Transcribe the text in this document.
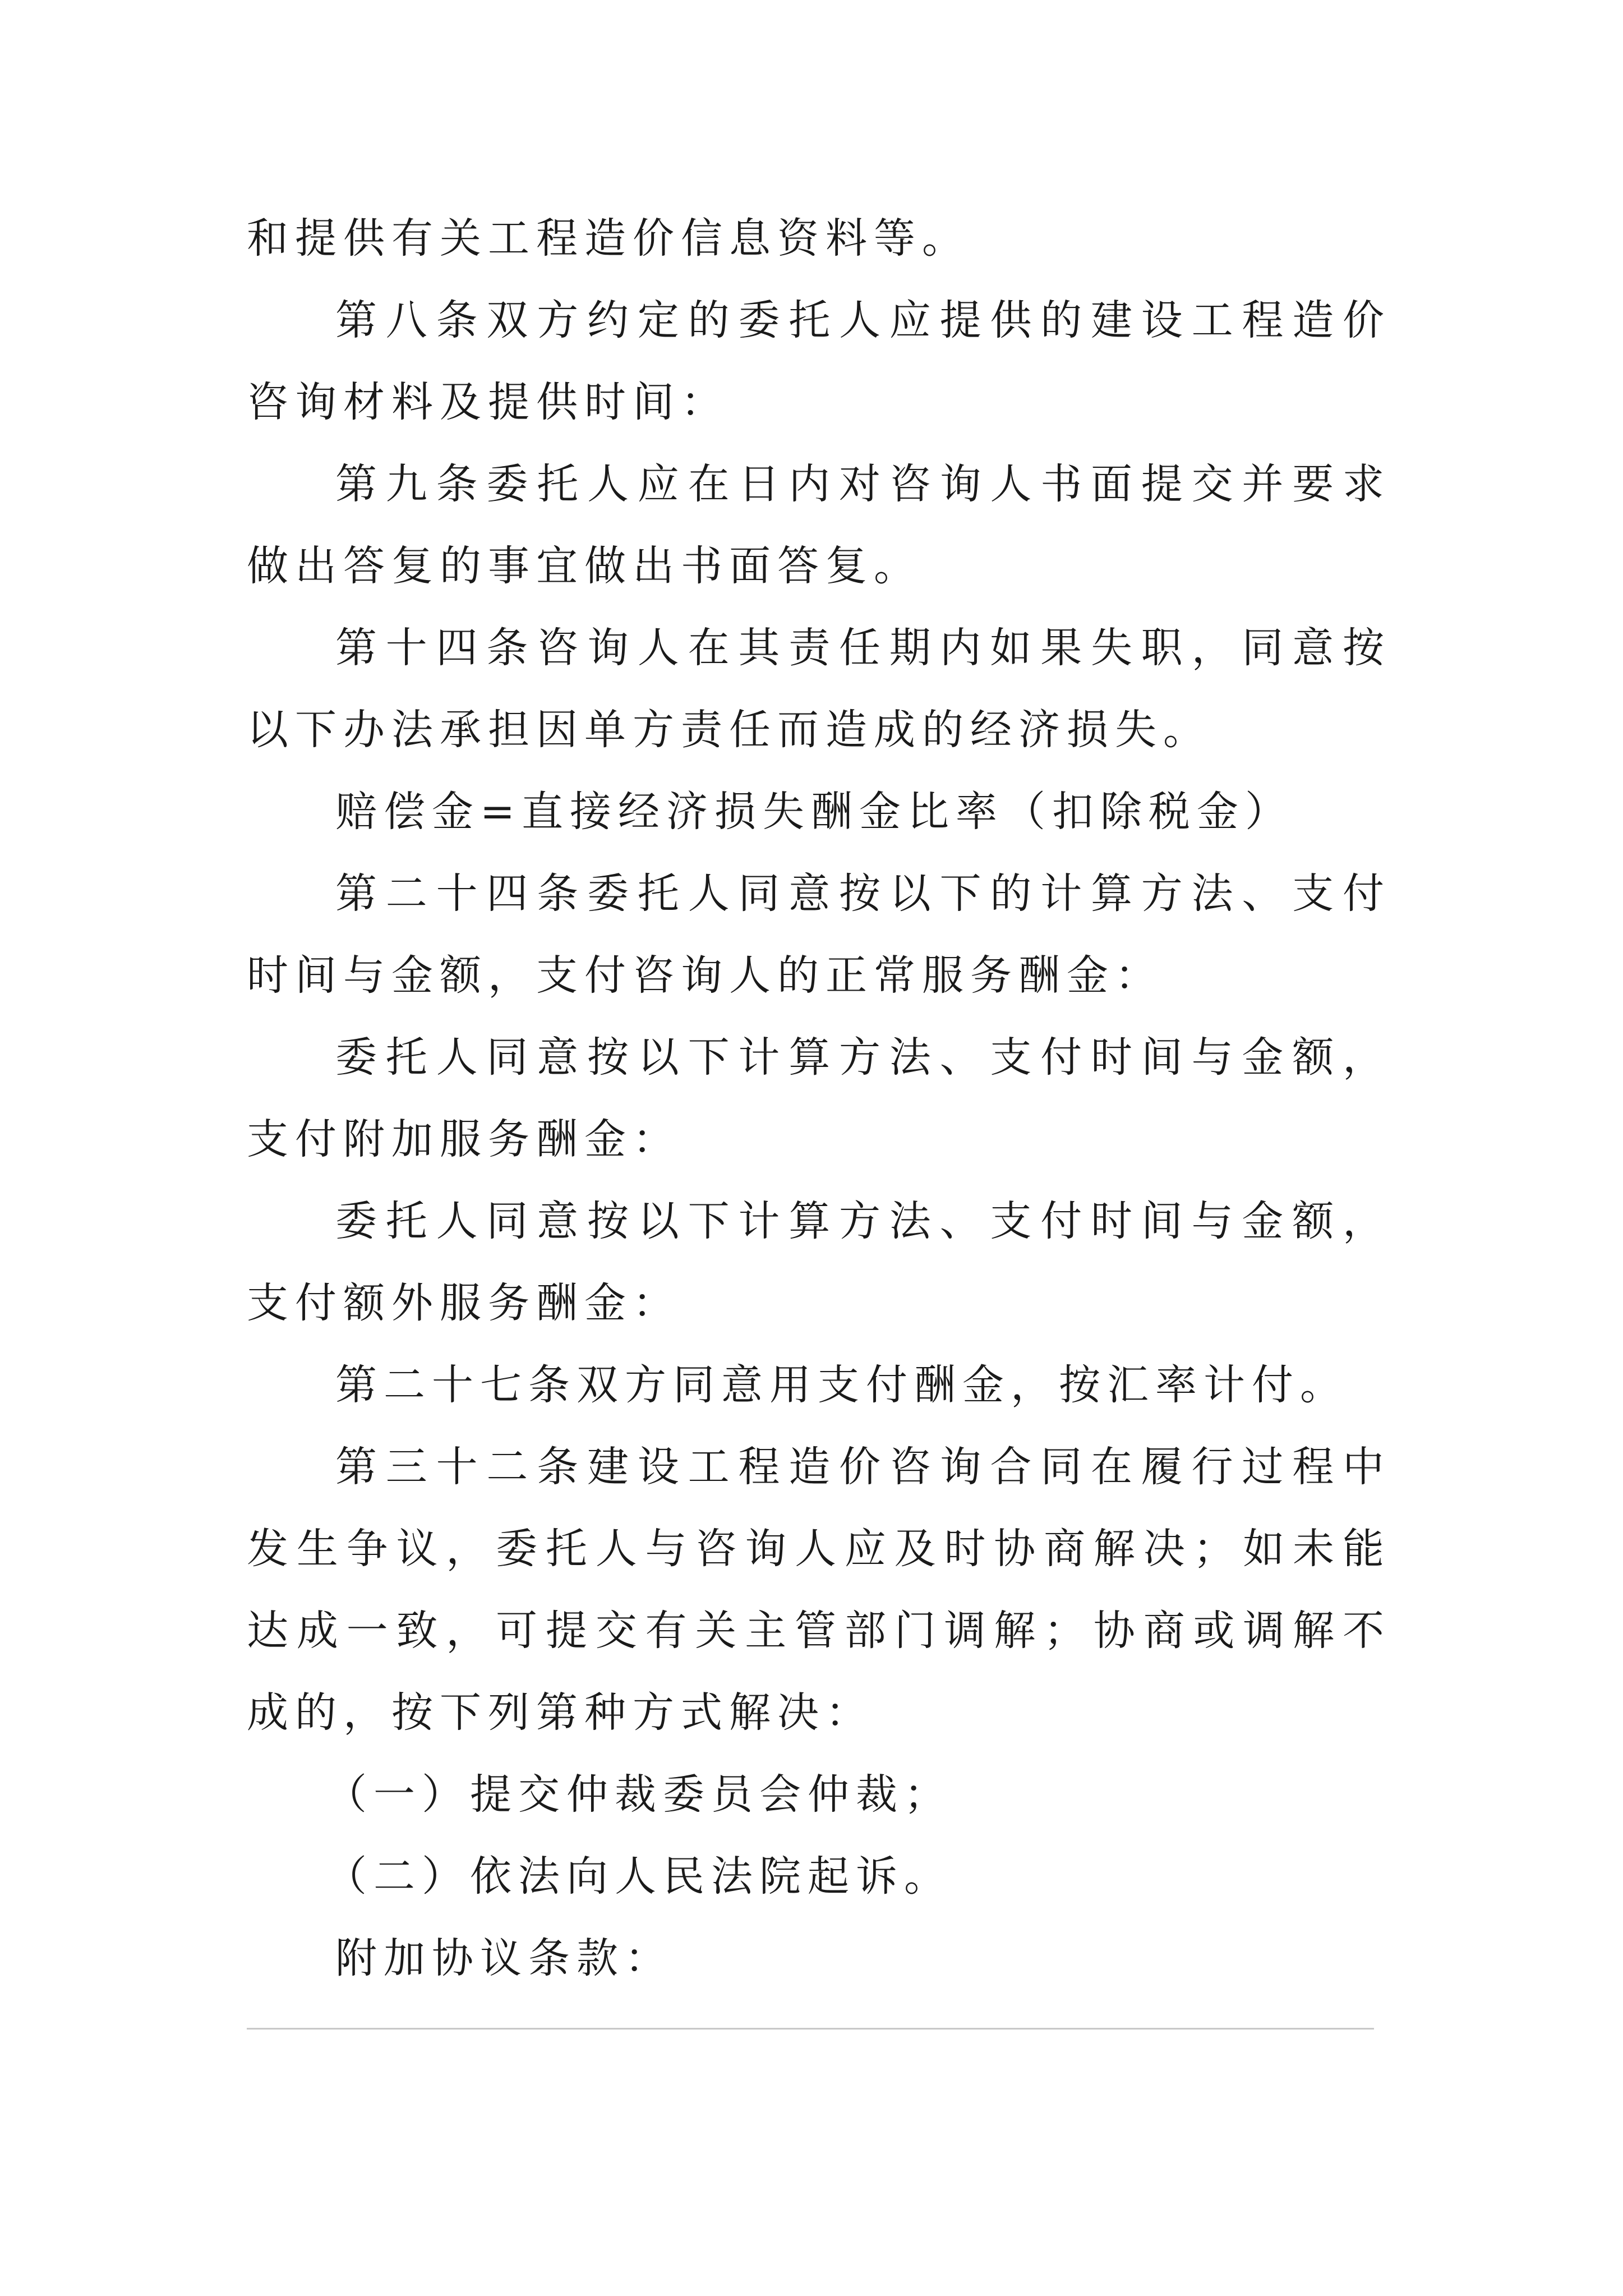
和提供有关工程造价信息资料等。

第八条双方约定的委托人应提供的建设工程造价咨询材料及提供时间：

第九条委托人应在日内对咨询人书面提交并要求做出答复的事宜做出书面答复。

第十四条咨询人在其责任期内如果失职，同意按以下办法承担因单方责任而造成的经济损失。

赔偿金=直接经济损失酬金比率（扣除税金）

第二十四条委托人同意按以下的计算方法、支付时间与金额，支付咨询人的正常服务酬金：

委托人同意按以下计算方法、支付时间与金额，支付附加服务酬金：

委托人同意按以下计算方法、支付时间与金额，支付额外服务酬金：

第二十七条双方同意用支付酬金，按汇率计付。

第三十二条建设工程造价咨询合同在履行过程中发生争议，委托人与咨询人应及时协商解决；如未能达成一致，可提交有关主管部门调解；协商或调解不成的，按下列第种方式解决：

（一）提交仲裁委员会仲裁；

（二）依法向人民法院起诉。

附加协议条款：
